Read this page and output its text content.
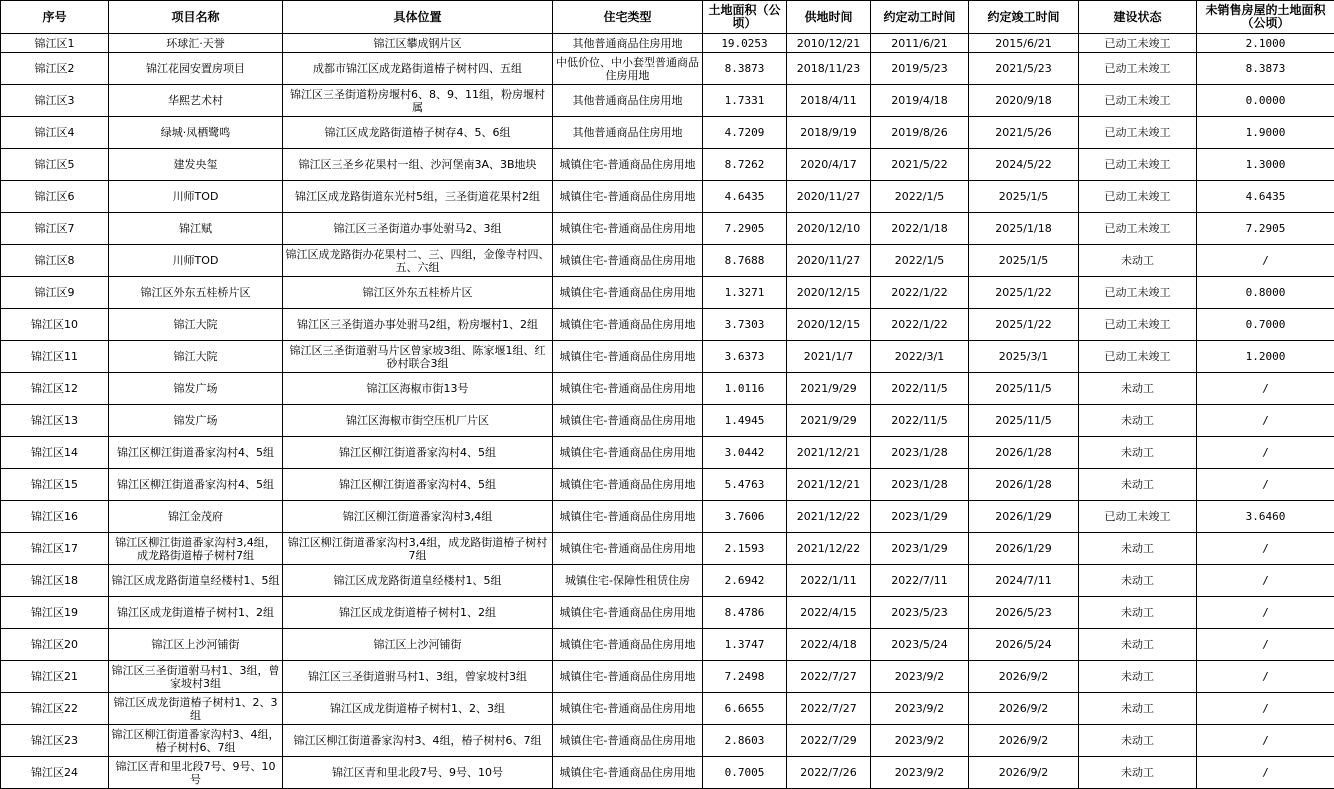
序号	项目名称	具体位置	住宅类型	土地面积（公顷）	供地时间	约定动工时间	约定竣工时间	建设状态	未销售房屋的土地面积（公顷）
锦江区1	环球汇·天誉	锦江区攀成钢片区	其他普通商品住房用地	19.0253	2010/12/21	2011/6/21	2015/6/21	已动工未竣工	2.1000
锦江区2	锦江花园安置房项目	成都市锦江区成龙路街道椿子树村四、五组	中低价位、中小套型普通商品住房用地	8.3873	2018/11/23	2019/5/23	2021/5/23	已动工未竣工	8.3873
锦江区3	华熙艺术村	锦江区三圣街道粉房堰村6、8、9、11组，粉房堰村属	其他普通商品住房用地	1.7331	2018/4/11	2019/4/18	2020/9/18	已动工未竣工	0.0000
锦江区4	绿城·凤栖鹭鸣	锦江区成龙路街道椿子树存4、5、6组	其他普通商品住房用地	4.7209	2018/9/19	2019/8/26	2021/5/26	已动工未竣工	1.9000
锦江区5	建发央玺	锦江区三圣乡花果村一组、沙河堡南3A、3B地块	城镇住宅-普通商品住房用地	8.7262	2020/4/17	2021/5/22	2024/5/22	已动工未竣工	1.3000
锦江区6	川师TOD	锦江区成龙路街道东光村5组，三圣街道花果村2组	城镇住宅-普通商品住房用地	4.6435	2020/11/27	2022/1/5	2025/1/5	已动工未竣工	4.6435
锦江区7	锦江赋	锦江区三圣街道办事处驸马2、3组	城镇住宅-普通商品住房用地	7.2905	2020/12/10	2022/1/18	2025/1/18	已动工未竣工	7.2905
锦江区8	川师TOD	锦江区成龙路街办花果村二、三、四组，金像寺村四、五、六组	城镇住宅-普通商品住房用地	8.7688	2020/11/27	2022/1/5	2025/1/5	未动工	/
锦江区9	锦江区外东五桂桥片区	锦江区外东五桂桥片区	城镇住宅-普通商品住房用地	1.3271	2020/12/15	2022/1/22	2025/1/22	已动工未竣工	0.8000
锦江区10	锦江大院	锦江区三圣街道办事处驸马2组，粉房堰村1、2组	城镇住宅-普通商品住房用地	3.7303	2020/12/15	2022/1/22	2025/1/22	已动工未竣工	0.7000
锦江区11	锦江大院	锦江区三圣街道驸马片区曾家坡3组、陈家堰1组、红砂村联合3组	城镇住宅-普通商品住房用地	3.6373	2021/1/7	2022/3/1	2025/3/1	已动工未竣工	1.2000
锦江区12	锦发广场	锦江区海椒市街13号	城镇住宅-普通商品住房用地	1.0116	2021/9/29	2022/11/5	2025/11/5	未动工	/
锦江区13	锦发广场	锦江区海椒市街空压机厂片区	城镇住宅-普通商品住房用地	1.4945	2021/9/29	2022/11/5	2025/11/5	未动工	/
锦江区14	锦江区柳江街道番家沟村4、5组	锦江区柳江街道番家沟村4、5组	城镇住宅-普通商品住房用地	3.0442	2021/12/21	2023/1/28	2026/1/28	未动工	/
锦江区15	锦江区柳江街道番家沟村4、5组	锦江区柳江街道番家沟村4、5组	城镇住宅-普通商品住房用地	5.4763	2021/12/21	2023/1/28	2026/1/28	未动工	/
锦江区16	锦江金茂府	锦江区柳江街道番家沟村3,4组	城镇住宅-普通商品住房用地	3.7606	2021/12/22	2023/1/29	2026/1/29	已动工未竣工	3.6460
锦江区17	锦江区柳江街道番家沟村3,4组，成龙路街道椿子树村7组	锦江区柳江街道番家沟村3,4组，成龙路街道椿子树村7组	城镇住宅-普通商品住房用地	2.1593	2021/12/22	2023/1/29	2026/1/29	未动工	/
锦江区18	锦江区成龙路街道皇经楼村1、5组	锦江区成龙路街道皇经楼村1、5组	城镇住宅-保障性租赁住房	2.6942	2022/1/11	2022/7/11	2024/7/11	未动工	/
锦江区19	锦江区成龙街道椿子树村1、2组	锦江区成龙街道椿子树村1、2组	城镇住宅-普通商品住房用地	8.4786	2022/4/15	2023/5/23	2026/5/23	未动工	/
锦江区20	锦江区上沙河铺街	锦江区上沙河铺街	城镇住宅-普通商品住房用地	1.3747	2022/4/18	2023/5/24	2026/5/24	未动工	/
锦江区21	锦江区三圣街道驸马村1、3组，曾家坡村3组	锦江区三圣街道驸马村1、3组，曾家坡村3组	城镇住宅-普通商品住房用地	7.2498	2022/7/27	2023/9/2	2026/9/2	未动工	/
锦江区22	锦江区成龙街道椿子树村1、2、3组	锦江区成龙街道椿子树村1、2、3组	城镇住宅-普通商品住房用地	6.6655	2022/7/27	2023/9/2	2026/9/2	未动工	/
锦江区23	锦江区柳江街道番家沟村3、4组，椿子树村6、7组	锦江区柳江街道番家沟村3、4组，椿子树村6、7组	城镇住宅-普通商品住房用地	2.8603	2022/7/29	2023/9/2	2026/9/2	未动工	/
锦江区24	锦江区青和里北段7号、9号、10号	锦江区青和里北段7号、9号、10号	城镇住宅-普通商品住房用地	0.7005	2022/7/26	2023/9/2	2026/9/2	未动工	/
